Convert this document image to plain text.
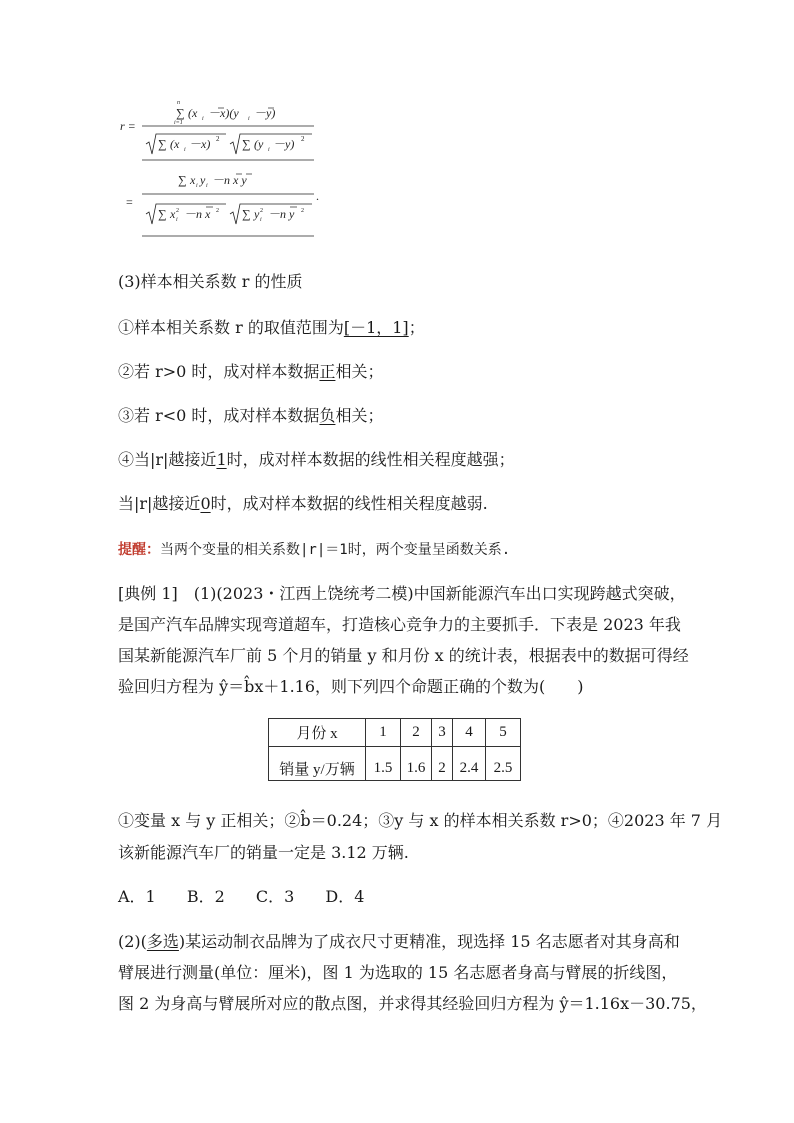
r =
∑
n
i=1
(x i －x)(y i －y)
∑ (x i －x) 2 ∑ (y i －y) 2
=
∑ x i y i －n x y
∑ x 2
i －n x 2 ∑ y 2
i －n y 2
.
(3)样本相关系数 r 的性质
①样本相关系数 r 的取值范围为[－1，1]；
②若 r>0 时，成对样本数据正相关；
③若 r<0 时，成对样本数据负相关；
④当|r|越接近1时，成对样本数据的线性相关程度越强；
当|r|越接近0时，成对样本数据的线性相关程度越弱.
提醒：当两个变量的相关系数|r|＝1时，两个变量呈函数关系.
[典例 1]　(1)(2023・江西上饶统考二模)中国新能源汽车出口实现跨越式突破，
是国产汽车品牌实现弯道超车，打造核心竞争力的主要抓手．下表是 2023 年我
国某新能源汽车厂前 5 个月的销量 y 和月份 x 的统计表，根据表中的数据可得经
验回归方程为 ŷ＝b̂x＋1.16，则下列四个命题正确的个数为(　　)
月份 x	1	2	3	4	5

销量 y/万辆	1.5	1.6	2	2.4	2.5
①变量 x 与 y 正相关；②b̂＝0.24；③y 与 x 的样本相关系数 r>0；④2023 年 7 月
该新能源汽车厂的销量一定是 3.12 万辆.
A．1 B．2 C．3 D．4
(2)(多选)某运动制衣品牌为了成衣尺寸更精准，现选择 15 名志愿者对其身高和
臂展进行测量(单位：厘米)，图 1 为选取的 15 名志愿者身高与臂展的折线图，
图 2 为身高与臂展所对应的散点图，并求得其经验回归方程为 ŷ＝1.16x－30.75，
